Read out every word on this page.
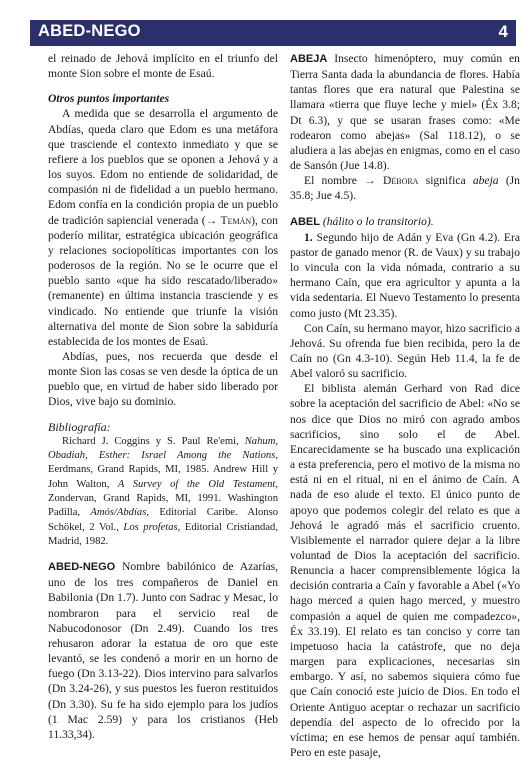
ABED-NEGO	4

el reinado de Jehová implícito en el triunfo del monte Sion sobre el monte de Esaú.

Otros puntos importantes

A medida que se desarrolla el argumento de Abdías, queda claro que Edom es una metáfora que trasciende el contexto inmediato y que se refiere a los pueblos que se oponen a Jehová y a los suyos. Edom no entiende de solidaridad, de compasión ni de fidelidad a un pueblo hermano. Edom confía en la condición propia de un pueblo de tradición sapiencial venerada (→ Temán), con poderío militar, estratégica ubicación geográfica y relaciones sociopolíticas importantes con los poderosos de la región. No se le ocurre que el pueblo santo «que ha sido rescatado/liberado» (remanente) en última instancia trasciende y es vindicado. No entiende que triunfe la visión alternativa del monte de Sion sobre la sabiduría establecida de los montes de Esaú.

Abdías, pues, nos recuerda que desde el monte Sion las cosas se ven desde la óptica de un pueblo que, en virtud de haber sido liberado por Dios, vive bajo su dominio.

Bibliografía:

Richard J. Coggins y S. Paul Re'emi, Nahum, Obadiah, Esther: Israel Among the Nations, Eerdmans, Grand Rapids, MI, 1985. Andrew Hill y John Walton, A Survey of the Old Testament, Zondervan, Grand Rapids, MI, 1991. Washington Padilla, Amós/Abdías, Editorial Caribe. Alonso Schökel, 2 Vol., Los profetas, Editorial Cristiandad, Madrid, 1982.

ABED-NEGO Nombre babilónico de Azarías, uno de los tres compañeros de Daniel en Babilonia (Dn 1.7). Junto con Sadrac y Mesac, lo nombraron para el servicio real de Nabucodonosor (Dn 2.49). Cuando los tres rehusaron adorar la estatua de oro que este levantó, se les condenó a morir en un horno de fuego (Dn 3.13-22). Dios intervino para salvarlos (Dn 3.24-26), y sus puestos les fueron restituidos (Dn 3.30). Su fe ha sido ejemplo para los judíos (1 Mac 2.59) y para los cristianos (Heb 11.33,34).

ABEJA Insecto himenóptero, muy común en Tierra Santa dada la abundancia de flores. Había tantas flores que era natural que Palestina se llamara «tierra que fluye leche y miel» (Éx 3.8; Dt 6.3), y que se usaran frases como: «Me rodearon como abejas» (Sal 118.12), o se aludiera a las abejas en enigmas, como en el caso de Sansón (Jue 14.8).

El nombre → Débora significa abeja (Jn 35.8; Jue 4.5).

ABEL (hálito o lo transitorio).

1. Segundo hijo de Adán y Eva (Gn 4.2). Era pastor de ganado menor (R. de Vaux) y su trabajo lo vincula con la vida nómada, contrario a su hermano Caín, que era agricultor y apunta a la vida sedentaria. El Nuevo Testamento lo presenta como justo (Mt 23.35).

Con Caín, su hermano mayor, hizo sacrificio a Jehová. Su ofrenda fue bien recibida, pero la de Caín no (Gn 4.3-10). Según Heb 11.4, la fe de Abel valoró su sacrificio.

El biblista alemán Gerhard von Rad dice sobre la aceptación del sacrificio de Abel: «No se nos dice que Dios no miró con agrado ambos sacrificios, sino solo el de Abel. Encarecidamente se ha buscado una explicación a esta preferencia, pero el motivo de la misma no está ni en el ritual, ni en el ánimo de Caín. A nada de eso alude el texto. El único punto de apoyo que podemos colegir del relato es que a Jehová le agradó más el sacrificio cruento. Visiblemente el narrador quiere dejar a la libre voluntad de Dios la aceptación del sacrificio. Renuncia a hacer comprensiblemente lógica la decisión contraria a Caín y favorable a Abel («Yo hago merced a quien hago merced, y muestro compasión a aquel de quien me compadezco», Éx 33.19). El relato es tan conciso y corre tan impetuoso hacia la catástrofe, que no deja margen para explicaciones, necesarias sin embargo. Y así, no sabemos siquiera cómo fue que Caín conoció este juicio de Dios. En todo el Oriente Antiguo aceptar o rechazar un sacrificio dependía del aspecto de lo ofrecido por la víctima; en ese hemos de pensar aquí también. Pero en este pasaje,
